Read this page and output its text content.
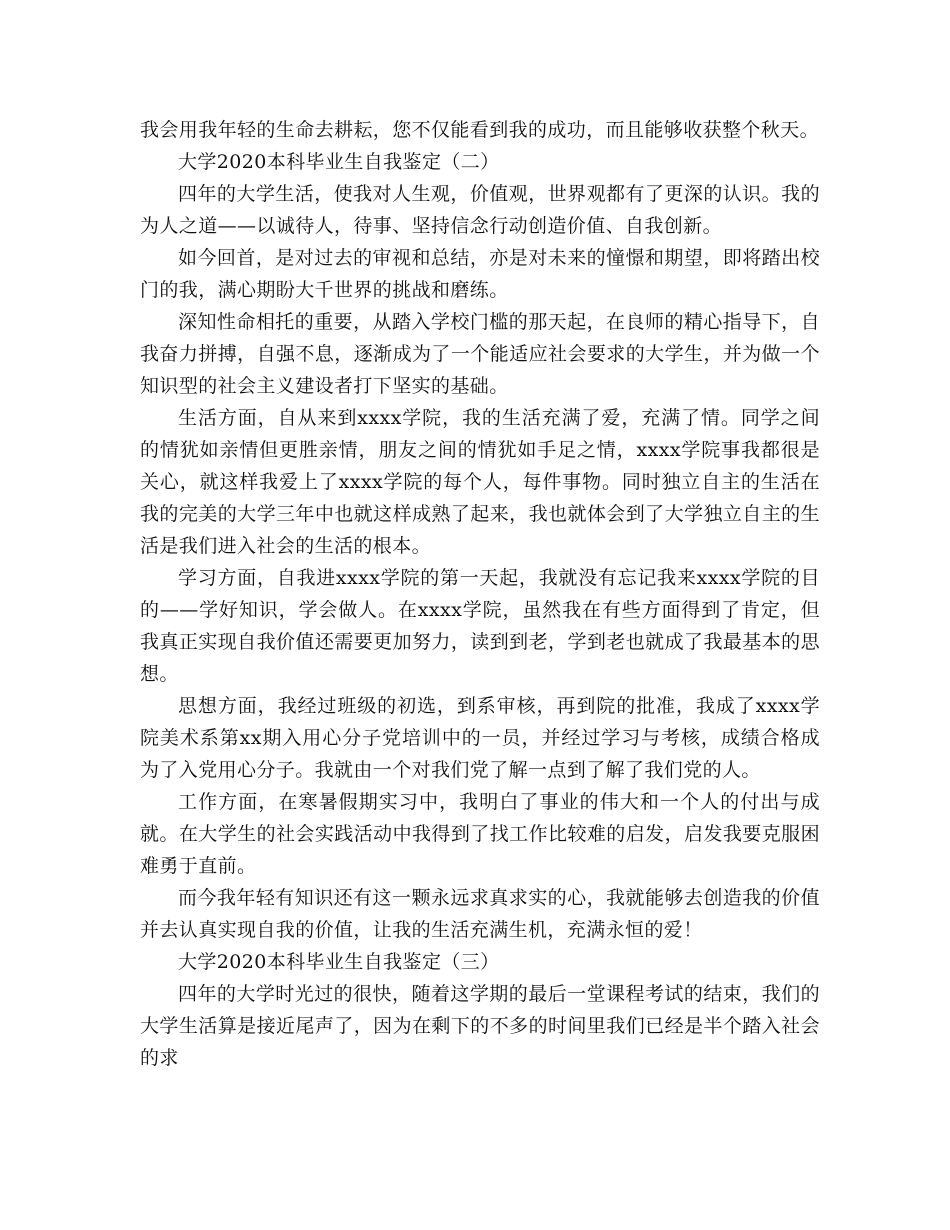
我会用我年轻的生命去耕耘，您不仅能看到我的成功，而且能够收获整个秋天。

大学2020本科毕业生自我鉴定（二）

四年的大学生活，使我对人生观，价值观，世界观都有了更深的认识。我的为人之道——以诚待人，待事、坚持信念行动创造价值、自我创新。

如今回首，是对过去的审视和总结，亦是对未来的憧憬和期望，即将踏出校门的我，满心期盼大千世界的挑战和磨练。

深知性命相托的重要，从踏入学校门槛的那天起，在良师的精心指导下，自我奋力拼搏，自强不息，逐渐成为了一个能适应社会要求的大学生，并为做一个知识型的社会主义建设者打下坚实的基础。

生活方面，自从来到xxxx学院，我的生活充满了爱，充满了情。同学之间的情犹如亲情但更胜亲情，朋友之间的情犹如手足之情，xxxx学院事我都很是关心，就这样我爱上了xxxx学院的每个人，每件事物。同时独立自主的生活在我的完美的大学三年中也就这样成熟了起来，我也就体会到了大学独立自主的生活是我们进入社会的生活的根本。

学习方面，自我进xxxx学院的第一天起，我就没有忘记我来xxxx学院的目的——学好知识，学会做人。在xxxx学院，虽然我在有些方面得到了肯定，但我真正实现自我价值还需要更加努力，读到到老，学到老也就成了我最基本的思想。

思想方面，我经过班级的初选，到系审核，再到院的批准，我成了xxxx学院美术系第xx期入用心分子党培训中的一员，并经过学习与考核，成绩合格成为了入党用心分子。我就由一个对我们党了解一点到了解了我们党的人。

工作方面，在寒暑假期实习中，我明白了事业的伟大和一个人的付出与成就。在大学生的社会实践活动中我得到了找工作比较难的启发，启发我要克服困难勇于直前。

而今我年轻有知识还有这一颗永远求真求实的心，我就能够去创造我的价值并去认真实现自我的价值，让我的生活充满生机，充满永恒的爱！

大学2020本科毕业生自我鉴定（三）

四年的大学时光过的很快，随着这学期的最后一堂课程考试的结束，我们的大学生活算是接近尾声了，因为在剩下的不多的时间里我们已经是半个踏入社会的求
